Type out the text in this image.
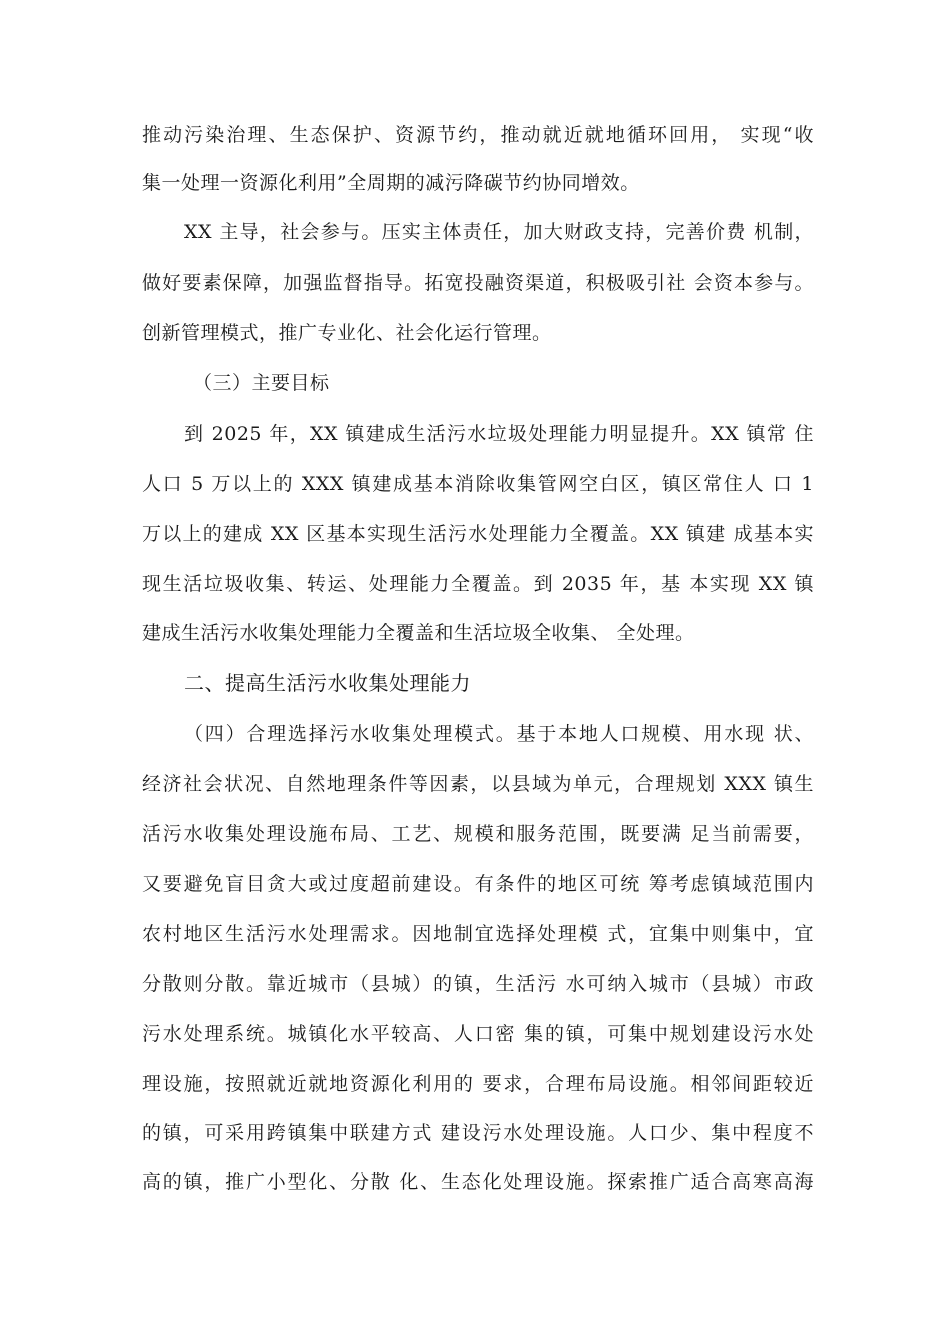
推动污染治理、生态保护、资源节约，推动就近就地循环回用， 实现“收
集一处理一资源化利用”全周期的减污降碳节约协同增效。
XX 主导，社会参与。压实主体责任，加大财政支持，完善价费 机制，
做好要素保障，加强监督指导。拓宽投融资渠道，积极吸引社 会资本参与。
创新管理模式，推广专业化、社会化运行管理。
（三）主要目标
到 2025 年，XX 镇建成生活污水垃圾处理能力明显提升。XX 镇常 住
人口 5 万以上的 XXX 镇建成基本消除收集管网空白区，镇区常住人 口 1
万以上的建成 XX 区基本实现生活污水处理能力全覆盖。XX 镇建 成基本实
现生活垃圾收集、转运、处理能力全覆盖。到 2035 年，基 本实现 XX 镇
建成生活污水收集处理能力全覆盖和生活垃圾全收集、 全处理。
二、提高生活污水收集处理能力
（四）合理选择污水收集处理模式。基于本地人口规模、用水现 状、
经济社会状况、自然地理条件等因素，以县域为单元，合理规划 XXX 镇生
活污水收集处理设施布局、工艺、规模和服务范围，既要满 足当前需要，
又要避免盲目贪大或过度超前建设。有条件的地区可统 筹考虑镇域范围内
农村地区生活污水处理需求。因地制宜选择处理模 式，宜集中则集中，宜
分散则分散。靠近城市（县城）的镇，生活污 水可纳入城市（县城）市政
污水处理系统。城镇化水平较高、人口密 集的镇，可集中规划建设污水处
理设施，按照就近就地资源化利用的 要求，合理布局设施。相邻间距较近
的镇，可采用跨镇集中联建方式 建设污水处理设施。人口少、集中程度不
高的镇，推广小型化、分散 化、生态化处理设施。探索推广适合高寒高海
